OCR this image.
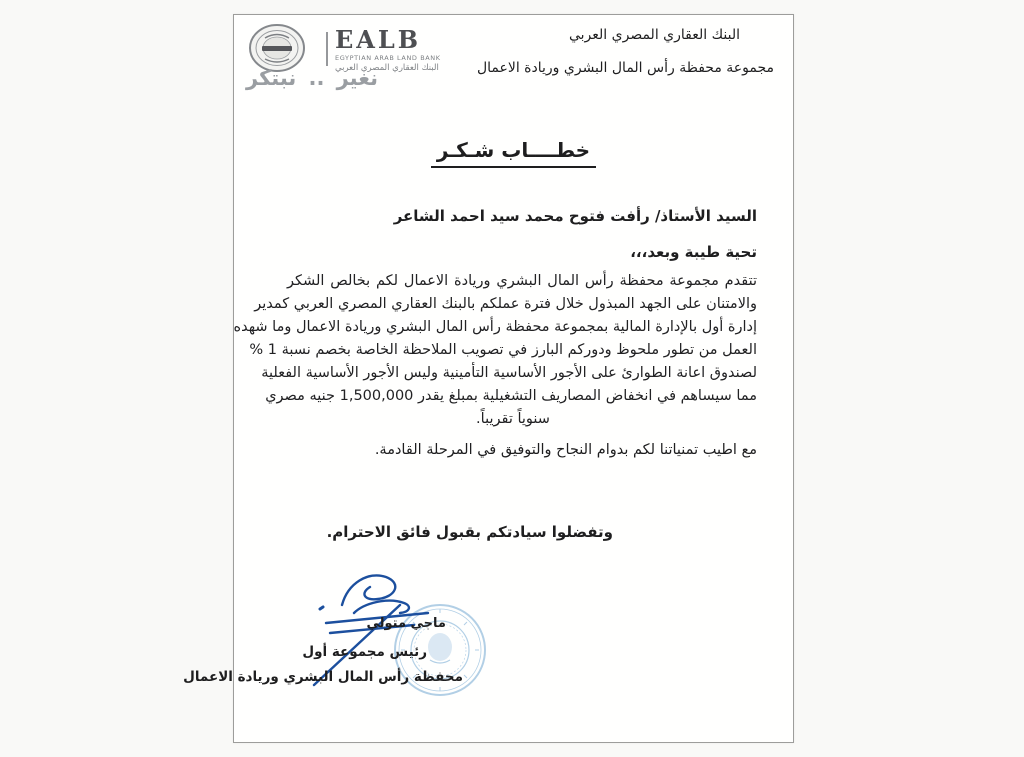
EALB
EGYPTIAN ARAB LAND BANK
البنك العقاري المصري العربي
نغير .. نبتكر
البنك العقاري المصري العربي
مجموعة محفظة رأس المال البشري وريادة الاعمال
خطــــاب شـكـر
السيد الأستاذ/ رأفت فتوح محمد سيد احمد الشاعر
تحية طيبة وبعد،،،
تتقدم مجموعة محفظة رأس المال البشري وريادة الاعمال لكم بخالص الشكر
والامتنان على الجهد المبذول خلال فترة عملكم بالبنك العقاري المصري العربي كمدير
إدارة أول بالإدارة المالية بمجموعة محفظة رأس المال البشري وريادة الاعمال وما شهده
العمل من تطور ملحوظ ودوركم البارز في تصويب الملاحظة الخاصة بخصم نسبة 1 %
لصندوق اعانة الطوارئ على الأجور الأساسية التأمينية وليس الأجور الأساسية الفعلية
مما سيساهم في انخفاض المصاريف التشغيلية بمبلغ يقدر 1,500,000 جنيه مصري
سنوياً تقريباً.
مع اطيب تمنياتنا لكم بدوام النجاح والتوفيق في المرحلة القادمة.
وتفضلوا سيادتكم بقبول فائق الاحترام.
ماجي متولي
رئيس مجموعة أول
محفظة رأس المال البشري وريادة الاعمال
